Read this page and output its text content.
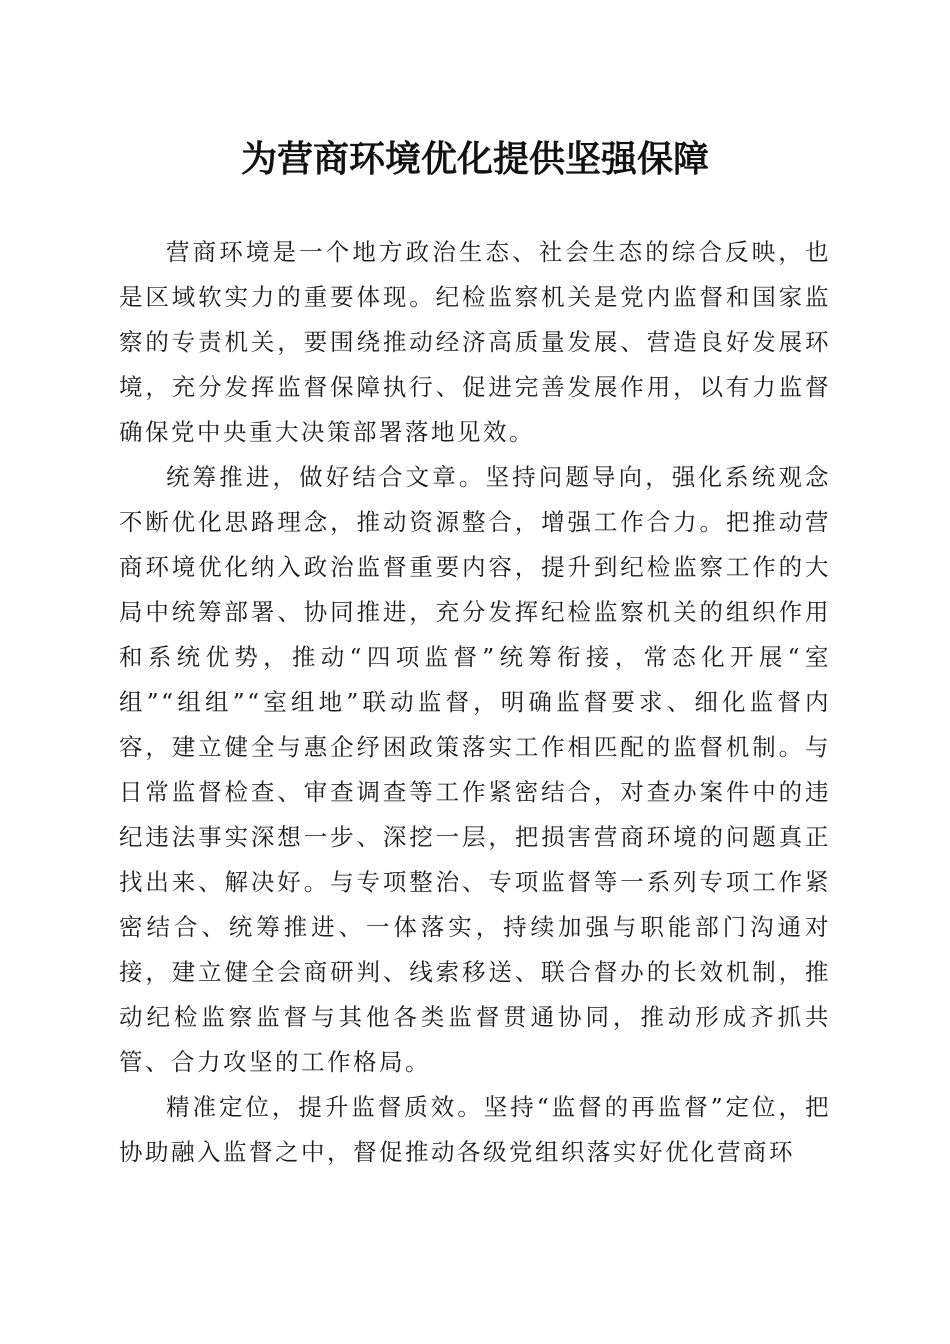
为营商环境优化提供坚强保障

营商环境是一个地方政治生态、社会生态的综合反映，也是区域软实力的重要体现。纪检监察机关是党内监督和国家监察的专责机关，要围绕推动经济高质量发展、营造良好发展环境，充分发挥监督保障执行、促进完善发展作用，以有力监督确保党中央重大决策部署落地见效。

统筹推进，做好结合文章。坚持问题导向，强化系统观念不断优化思路理念，推动资源整合，增强工作合力。把推动营商环境优化纳入政治监督重要内容，提升到纪检监察工作的大局中统筹部署、协同推进，充分发挥纪检监察机关的组织作用和系统优势，推动“四项监督”统筹衔接，常态化开展“室组”“组组”“室组地”联动监督，明确监督要求、细化监督内容，建立健全与惠企纾困政策落实工作相匹配的监督机制。与日常监督检查、审查调查等工作紧密结合，对查办案件中的违纪违法事实深想一步、深挖一层，把损害营商环境的问题真正找出来、解决好。与专项整治、专项监督等一系列专项工作紧密结合、统筹推进、一体落实，持续加强与职能部门沟通对接，建立健全会商研判、线索移送、联合督办的长效机制，推动纪检监察监督与其他各类监督贯通协同，推动形成齐抓共管、合力攻坚的工作格局。

精准定位，提升监督质效。坚持“监督的再监督”定位，把协助融入监督之中，督促推动各级党组织落实好优化营商环
